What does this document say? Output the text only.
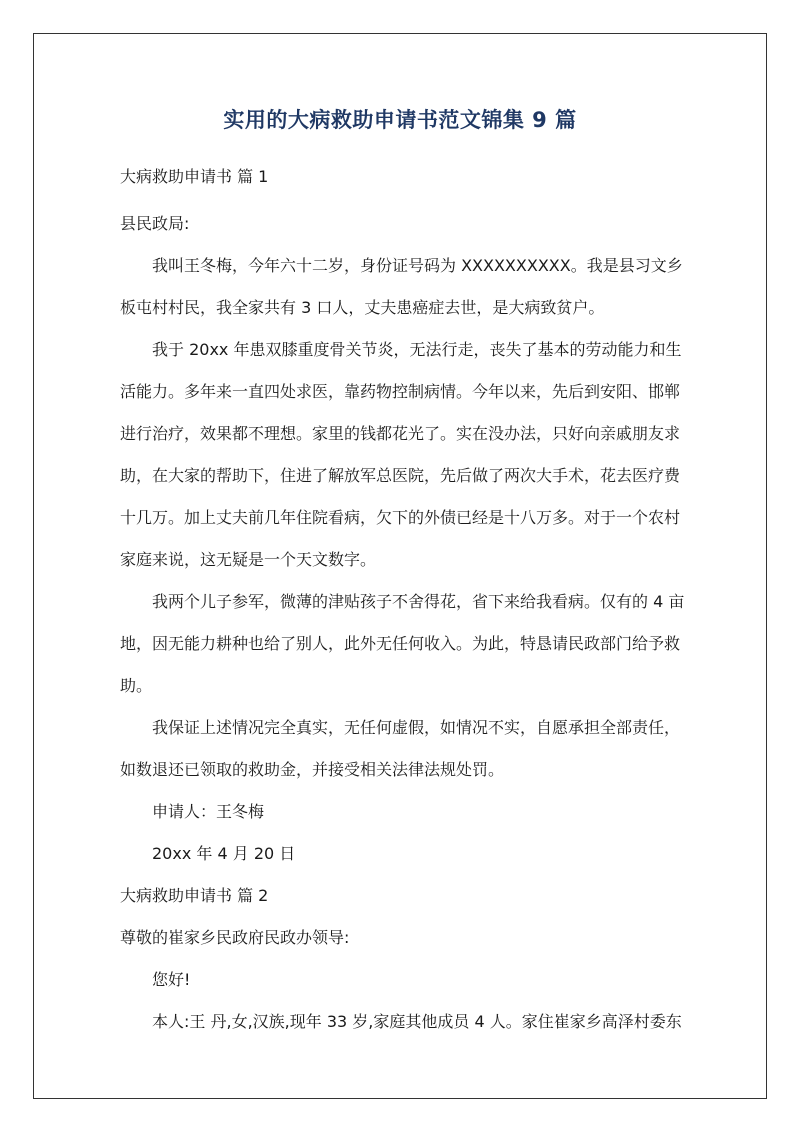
实用的大病救助申请书范文锦集 9 篇
大病救助申请书 篇 1
县民政局:
我叫王冬梅，今年六十二岁，身份证号码为 XXXXXXXXXX。我是县习文乡
板屯村村民，我全家共有 3 口人，丈夫患癌症去世，是大病致贫户。
我于 20xx 年患双膝重度骨关节炎，无法行走，丧失了基本的劳动能力和生
活能力。多年来一直四处求医，靠药物控制病情。今年以来，先后到安阳、邯郸
进行治疗，效果都不理想。家里的钱都花光了。实在没办法，只好向亲戚朋友求
助，在大家的帮助下，住进了解放军总医院，先后做了两次大手术，花去医疗费
十几万。加上丈夫前几年住院看病，欠下的外债已经是十八万多。对于一个农村
家庭来说，这无疑是一个天文数字。
我两个儿子参军，微薄的津贴孩子不舍得花，省下来给我看病。仅有的 4 亩
地，因无能力耕种也给了别人，此外无任何收入。为此，特恳请民政部门给予救
助。
我保证上述情况完全真实，无任何虚假，如情况不实，自愿承担全部责任，
如数退还已领取的救助金，并接受相关法律法规处罚。
申请人：王冬梅
20xx 年 4 月 20 日
大病救助申请书 篇 2
尊敬的崔家乡民政府民政办领导:
您好!
本人:王 丹,女,汉族,现年 33 岁,家庭其他成员 4 人。家住崔家乡高泽村委东
